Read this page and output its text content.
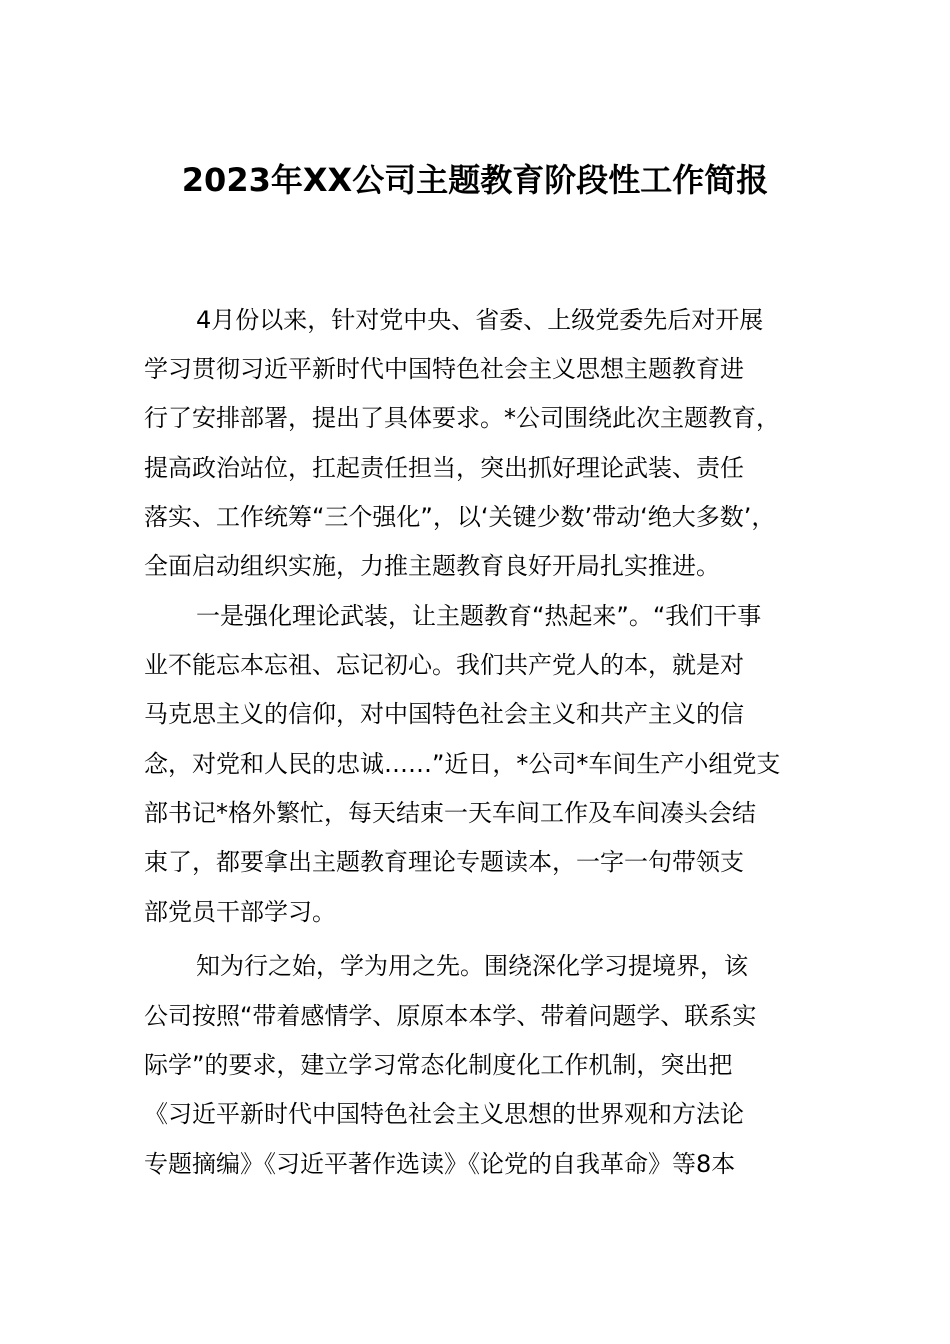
2023年XX公司主题教育阶段性工作简报

4月份以来，针对党中央、省委、上级党委先后对开展

学习贯彻习近平新时代中国特色社会主义思想主题教育进

行了安排部署，提出了具体要求。*公司围绕此次主题教育，

提高政治站位，扛起责任担当，突出抓好理论武装、责任

落实、工作统筹“三个强化”，以‘关键少数’带动‘绝大多数’，

全面启动组织实施，力推主题教育良好开局扎实推进。

一是强化理论武装，让主题教育“热起来”。“我们干事

业不能忘本忘祖、忘记初心。我们共产党人的本，就是对

马克思主义的信仰，对中国特色社会主义和共产主义的信

念，对党和人民的忠诚……”近日，*公司*车间生产小组党支

部书记*格外繁忙，每天结束一天车间工作及车间凑头会结

束了，都要拿出主题教育理论专题读本，一字一句带领支

部党员干部学习。

知为行之始，学为用之先。围绕深化学习提境界，该

公司按照“带着感情学、原原本本学、带着问题学、联系实

际学”的要求，建立学习常态化制度化工作机制，突出把

《习近平新时代中国特色社会主义思想的世界观和方法论

专题摘编》《习近平著作选读》《论党的自我革命》等8本
